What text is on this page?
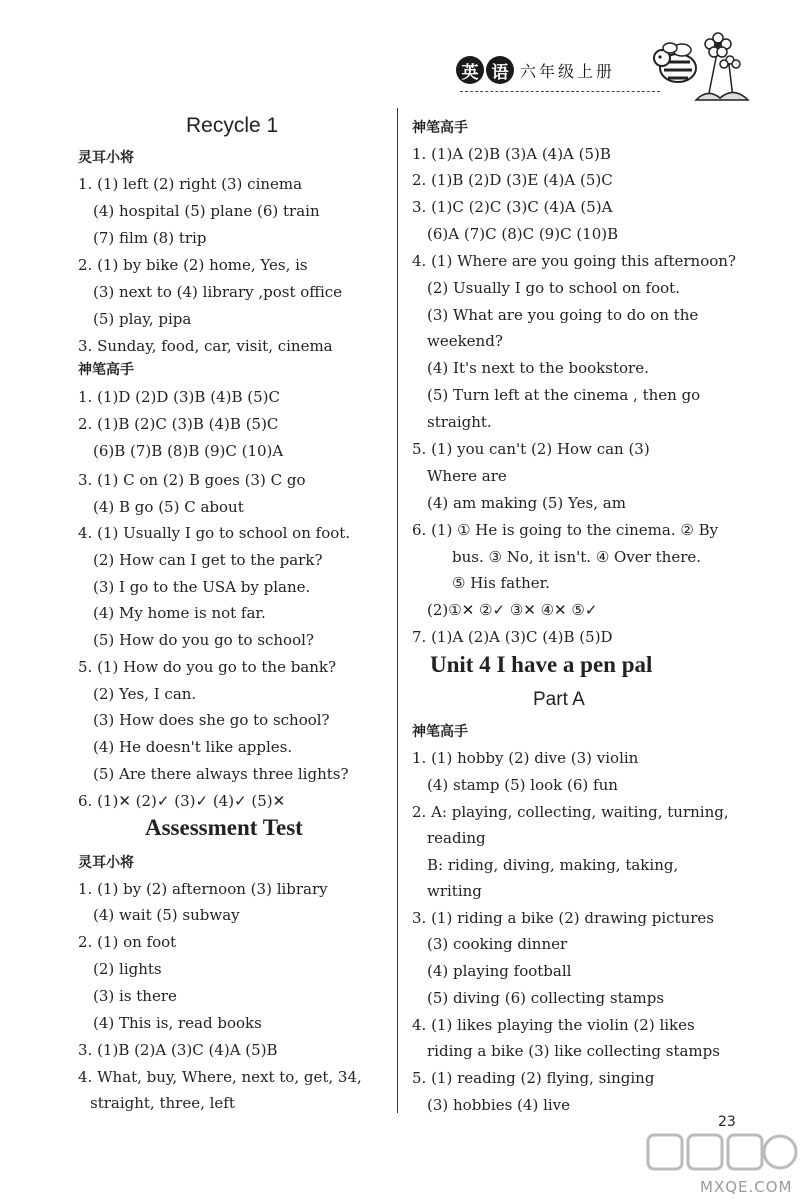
英 语 六年级上册
Recycle 1
灵耳小将
1. (1) left (2) right (3) cinema
(4) hospital (5) plane (6) train
(7) film (8) trip
2. (1) by bike (2) home, Yes, is
(3) next to (4) library ,post office
(5) play, pipa
3. Sunday, food, car, visit, cinema
神笔高手
1. (1)D (2)D (3)B (4)B (5)C
2. (1)B (2)C (3)B (4)B (5)C
(6)B (7)B (8)B (9)C (10)A
3. (1) C on (2) B goes (3) C go
(4) B go (5) C about
4. (1) Usually I go to school on foot.
(2) How can I get to the park?
(3) I go to the USA by plane.
(4) My home is not far.
(5) How do you go to school?
5. (1) How do you go to the bank?
(2) Yes, I can.
(3) How does she go to school?
(4) He doesn't like apples.
(5) Are there always three lights?
6. (1)✕ (2)✓ (3)✓ (4)✓ (5)✕
Assessment Test
灵耳小将
1. (1) by (2) afternoon (3) library
(4) wait (5) subway
2. (1) on foot
(2) lights
(3) is there
(4) This is, read books
3. (1)B (2)A (3)C (4)A (5)B
4. What, buy, Where, next to, get, 34,
straight, three, left
神笔高手
1. (1)A (2)B (3)A (4)A (5)B
2. (1)B (2)D (3)E (4)A (5)C
3. (1)C (2)C (3)C (4)A (5)A
(6)A (7)C (8)C (9)C (10)B
4. (1) Where are you going this afternoon?
(2) Usually I go to school on foot.
(3) What are you going to do on the
weekend?
(4) It's next to the bookstore.
(5) Turn left at the cinema , then go
straight.
5. (1) you can't (2) How can (3)
Where are
(4) am making (5) Yes, am
6. (1) ① He is going to the cinema. ② By
bus. ③ No, it isn't. ④ Over there.
⑤ His father.
(2)①✕ ②✓ ③✕ ④✕ ⑤✓
7. (1)A (2)A (3)C (4)B (5)D
Unit 4 I have a pen pal
Part A
神笔高手
1. (1) hobby (2) dive (3) violin
(4) stamp (5) look (6) fun
2. A: playing, collecting, waiting, turning,
reading
B: riding, diving, making, taking,
writing
3. (1) riding a bike (2) drawing pictures
(3) cooking dinner
(4) playing football
(5) diving (6) collecting stamps
4. (1) likes playing the violin (2) likes
riding a bike (3) like collecting stamps
5. (1) reading (2) flying, singing
(3) hobbies (4) live
23
MXQE.COM
